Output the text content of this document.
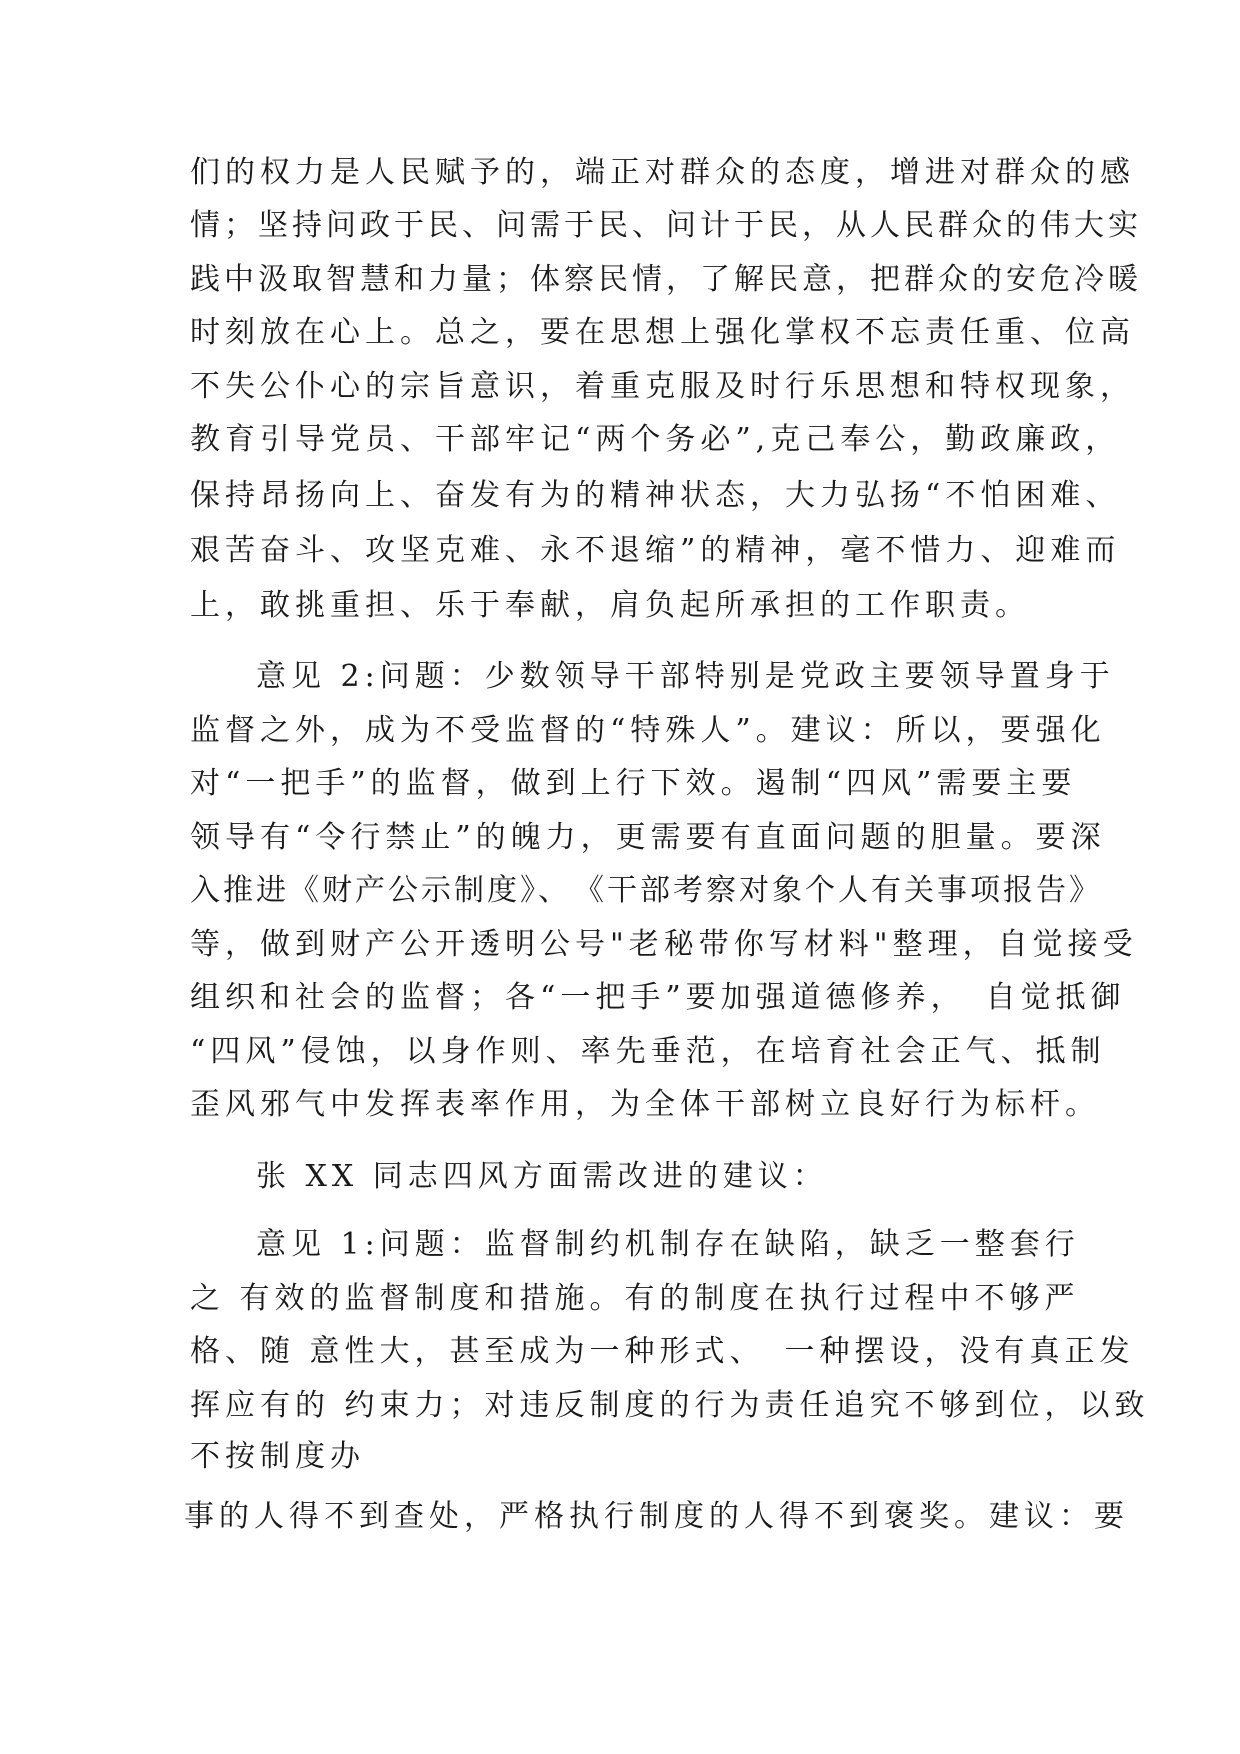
们的权力是人民赋予的，端正对群众的态度，增进对群众的感
情；坚持问政于民、问需于民、问计于民，从人民群众的伟大实
践中汲取智慧和力量；体察民情，了解民意，把群众的安危冷暖
时刻放在心上。总之，要在思想上强化掌权不忘责任重、位高
不失公仆心的宗旨意识，着重克服及时行乐思想和特权现象，
教育引导党员、干部牢记“两个务必”,克己奉公，勤政廉政，
保持昂扬向上、奋发有为的精神状态，大力弘扬“不怕困难、
艰苦奋斗、攻坚克难、永不退缩”的精神，毫不惜力、迎难而
上，敢挑重担、乐于奉献，肩负起所承担的工作职责。
意见 2:问题：少数领导干部特别是党政主要领导置身于
监督之外，成为不受监督的“特殊人”。建议：所以，要强化
对“一把手”的监督，做到上行下效。遏制“四风”需要主要
领导有“令行禁止”的魄力，更需要有直面问题的胆量。要深
入推进《财产公示制度》、　《干部考察对象个人有关事项报告》
等，做到财产公开透明公号"老秘带你写材料"整理，自觉接受
组织和社会的监督；各“一把手”要加强道德修养，　自觉抵御
“四风”侵蚀，以身作则、率先垂范，在培育社会正气、抵制
歪风邪气中发挥表率作用，为全体干部树立良好行为标杆。
张 XX 同志四风方面需改进的建议：
意见 1:问题：监督制约机制存在缺陷，缺乏一整套行
之 有效的监督制度和措施。有的制度在执行过程中不够严
格、随 意性大，甚至成为一种形式、　一种摆设，没有真正发
挥应有的 约束力；对违反制度的行为责任追究不够到位，以致
不按制度办
事的人得不到查处，严格执行制度的人得不到褒奖。建议：要
